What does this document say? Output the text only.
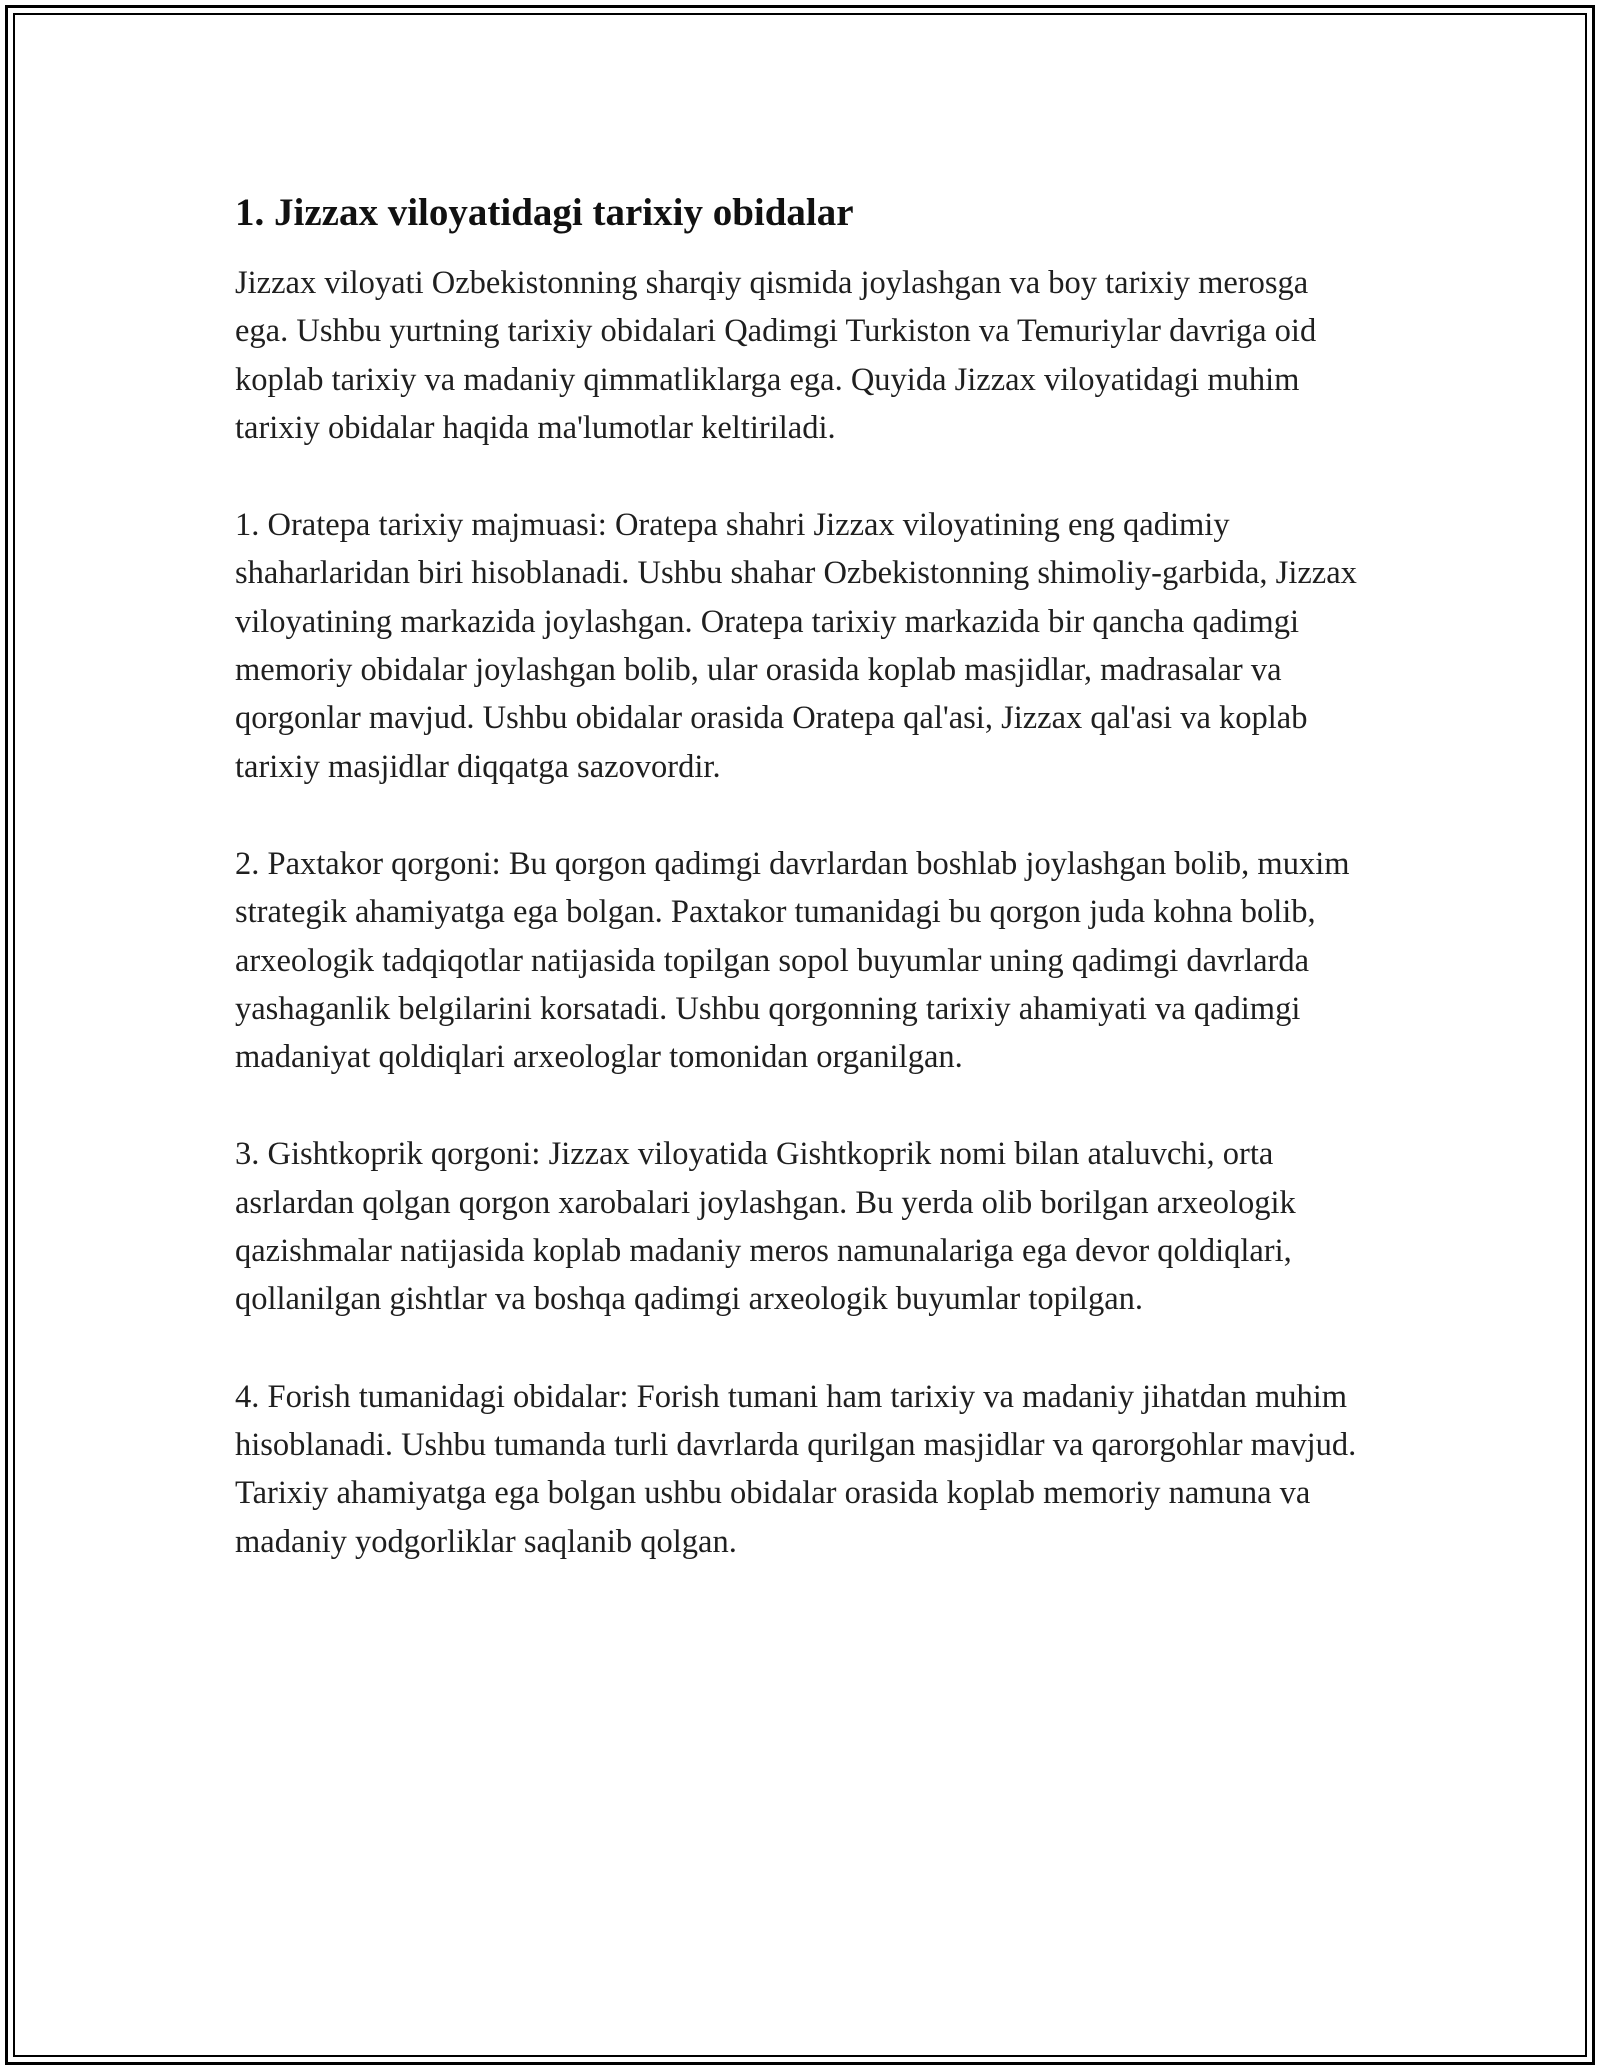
1. Jizzax viloyatidagi tarixiy obidalar

Jizzax viloyati Ozbekistonning sharqiy qismida joylashgan va boy tarixiy merosga ega. Ushbu yurtning tarixiy obidalari Qadimgi Turkiston va Temuriylar davriga oid koplab tarixiy va madaniy qimmatliklarga ega. Quyida Jizzax viloyatidagi muhim tarixiy obidalar haqida ma'lumotlar keltiriladi.

1. Oratepa tarixiy majmuasi: Oratepa shahri Jizzax viloyatining eng qadimiy shaharlaridan biri hisoblanadi. Ushbu shahar Ozbekistonning shimoliy-garbida, Jizzax viloyatining markazida joylashgan. Oratepa tarixiy markazida bir qancha qadimgi memoriy obidalar joylashgan bolib, ular orasida koplab masjidlar, madrasalar va qorgonlar mavjud. Ushbu obidalar orasida Oratepa qal'asi, Jizzax qal'asi va koplab tarixiy masjidlar diqqatga sazovordir.

2. Paxtakor qorgoni: Bu qorgon qadimgi davrlardan boshlab joylashgan bolib, muxim strategik ahamiyatga ega bolgan. Paxtakor tumanidagi bu qorgon juda kohna bolib, arxeologik tadqiqotlar natijasida topilgan sopol buyumlar uning qadimgi davrlarda yashaganlik belgilarini korsatadi. Ushbu qorgonning tarixiy ahamiyati va qadimgi madaniyat qoldiqlari arxeologlar tomonidan organilgan.

3. Gishtkoprik qorgoni: Jizzax viloyatida Gishtkoprik nomi bilan ataluvchi, orta asrlardan qolgan qorgon xarobalari joylashgan. Bu yerda olib borilgan arxeologik qazishmalar natijasida koplab madaniy meros namunalariga ega devor qoldiqlari, qollanilgan gishtlar va boshqa qadimgi arxeologik buyumlar topilgan.

4. Forish tumanidagi obidalar: Forish tumani ham tarixiy va madaniy jihatdan muhim hisoblanadi. Ushbu tumanda turli davrlarda qurilgan masjidlar va qarorgohlar mavjud. Tarixiy ahamiyatga ega bolgan ushbu obidalar orasida koplab memoriy namuna va madaniy yodgorliklar saqlanib qolgan.
